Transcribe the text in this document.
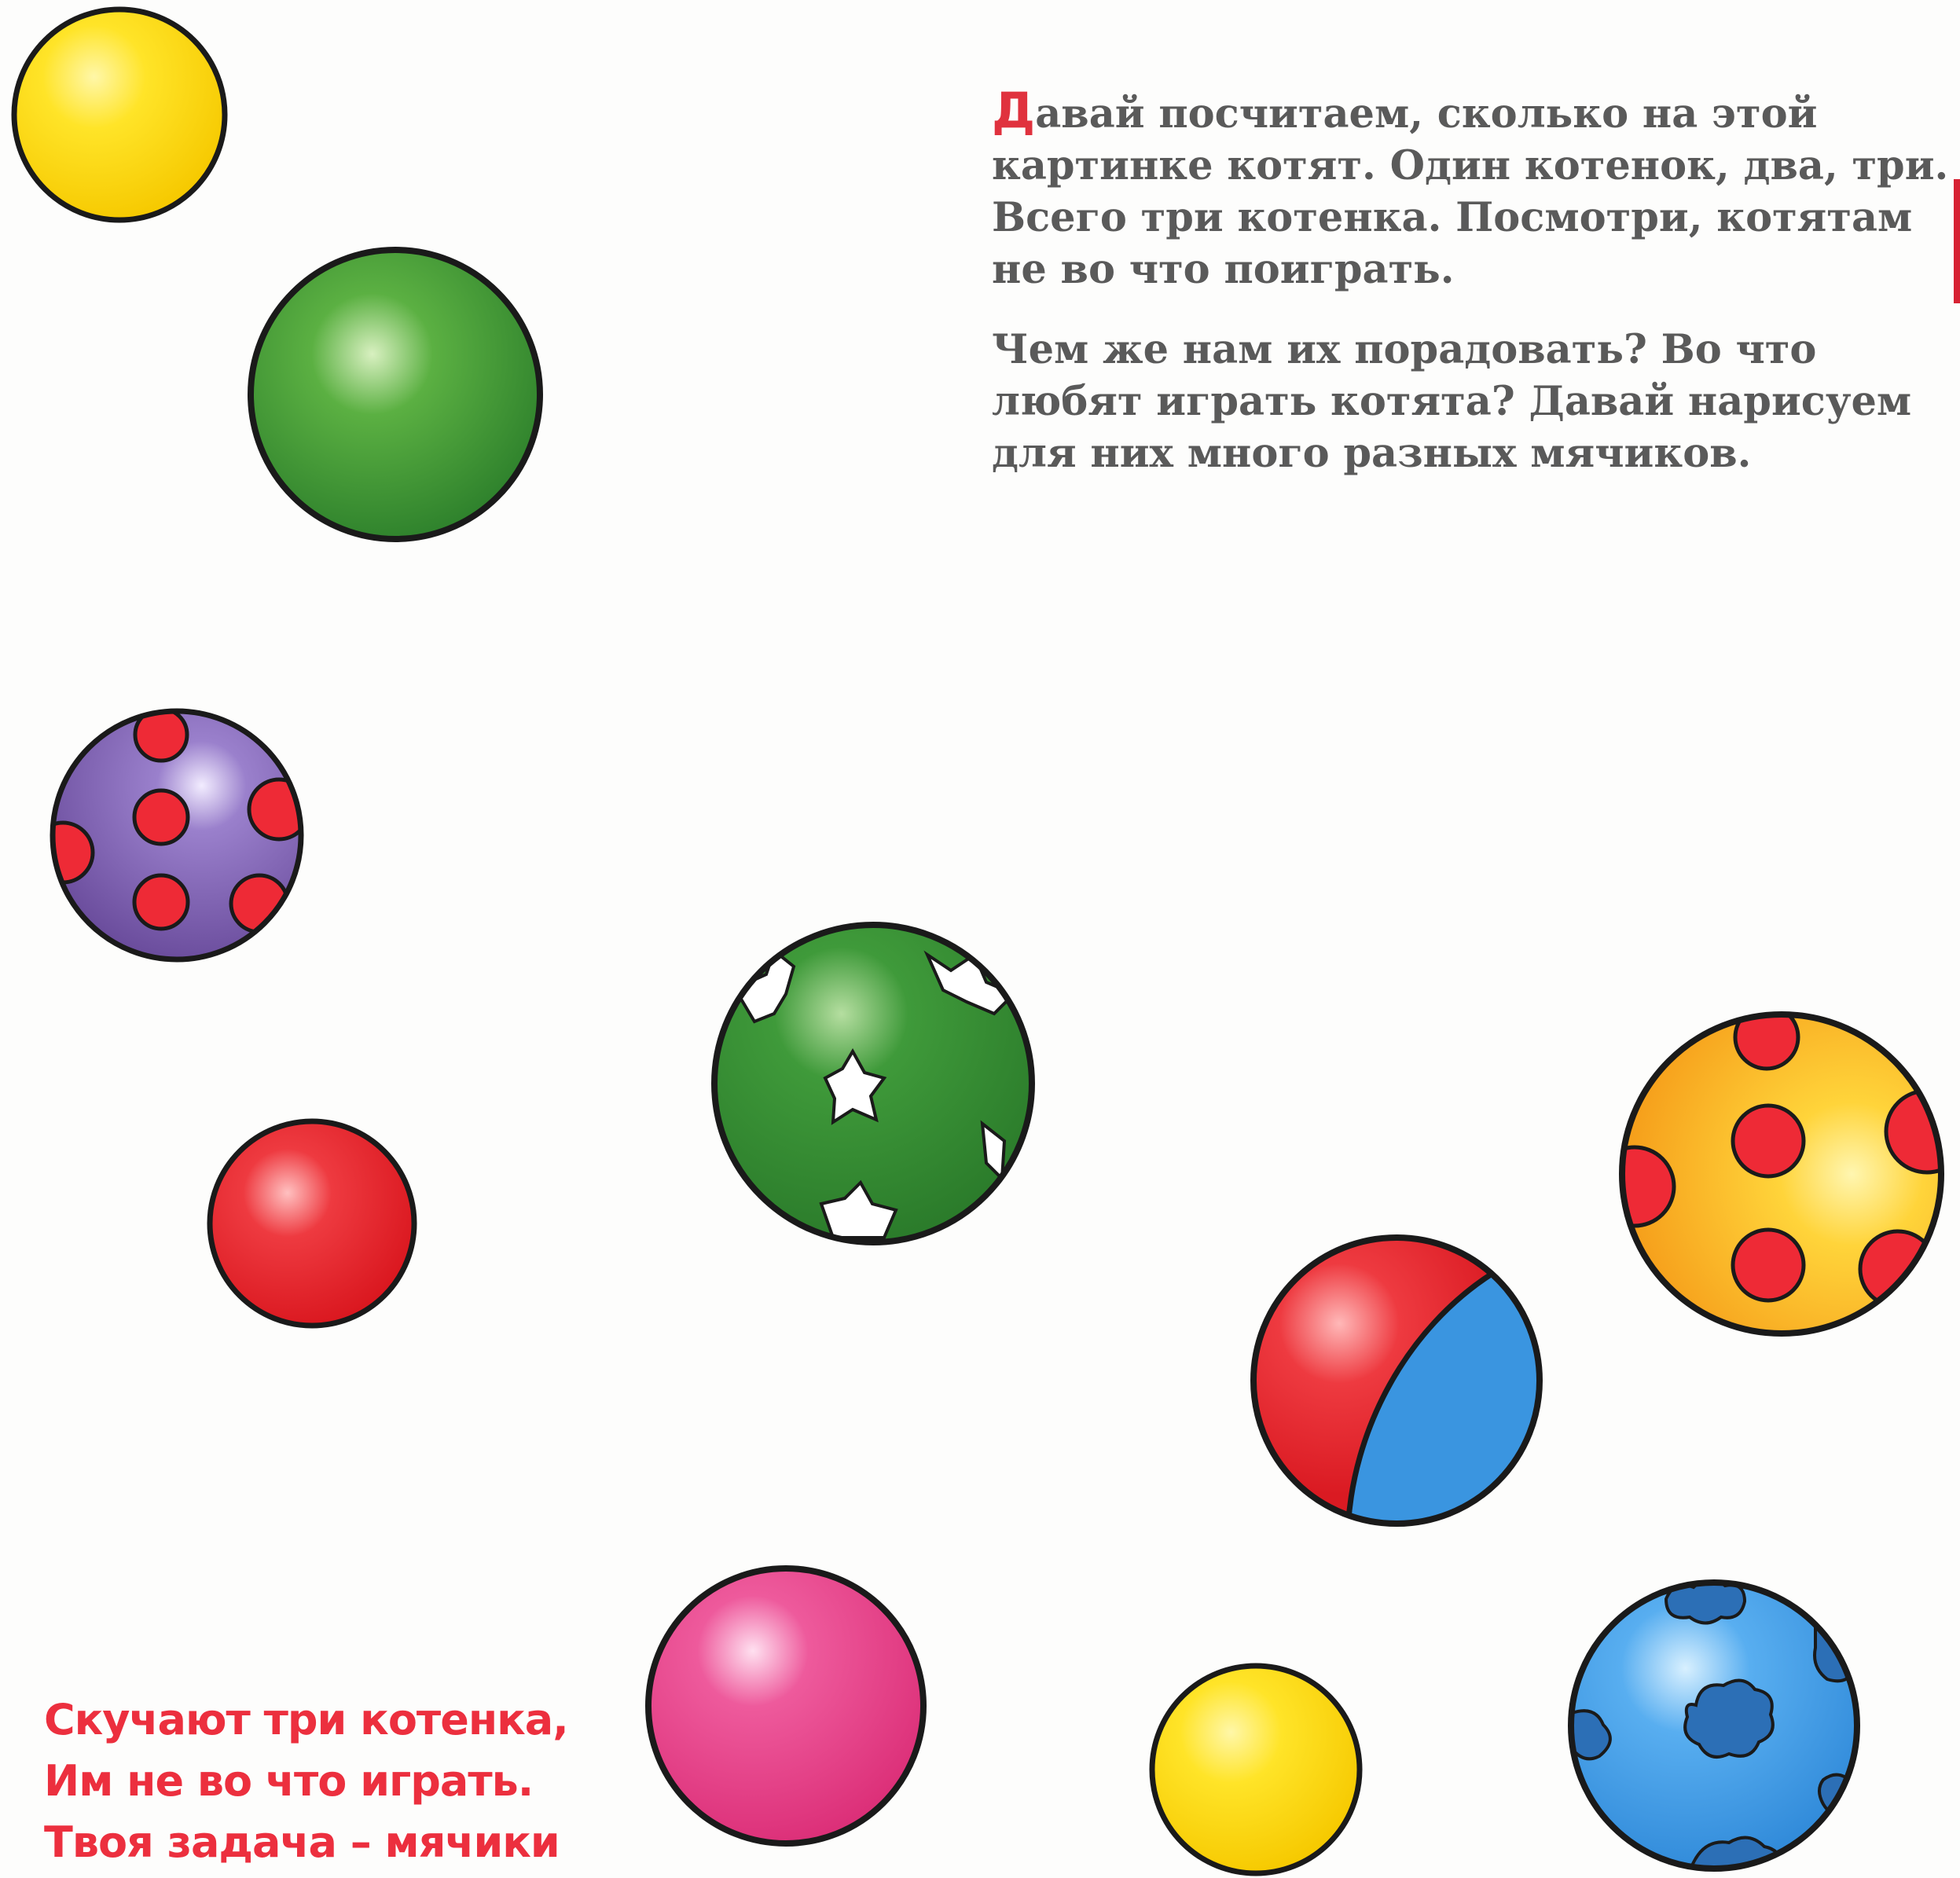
Давай посчитаем, сколько на этой картинке котят. Один котенок, два, три. Всего три котенка. Посмотри, котятам не во что поиграть.

Чем же нам их порадовать? Во что любят играть котята? Давай нарисуем для них много разных мячиков.

Скучают три котенка,
Им не во что играть.
Твоя задача – мячики
